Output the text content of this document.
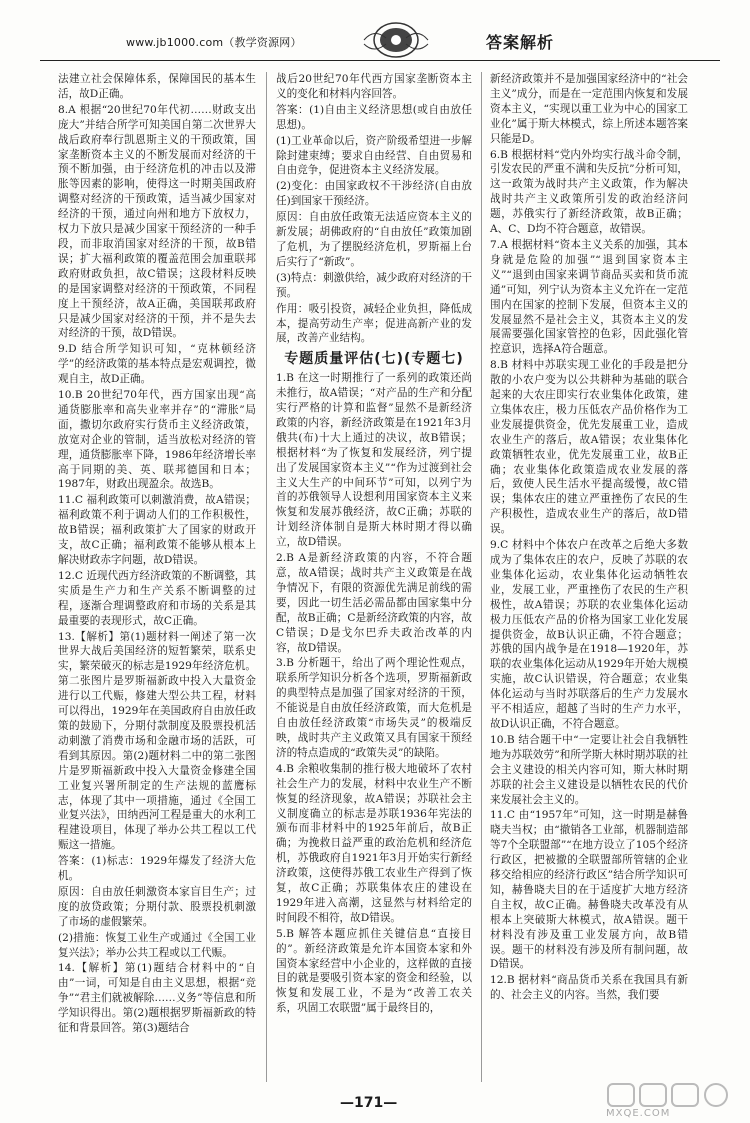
www.jb1000.com（教学资源网）	答案解析

法建立社会保障体系，保障国民的基本生活，故D正确。

8.A 根据“20世纪70年代初……财政支出庞大”并结合所学可知美国自第二次世界大战后政府奉行凯恩斯主义的干预政策，国家垄断资本主义的不断发展而对经济的干预不断加强，由于经济危机的冲击以及滞胀等因素的影响，使得这一时期美国政府调整对经济的干预政策，适当减少国家对经济的干预，通过向州和地方下放权力，权力下放只是减少国家干预经济的一种手段，而非取消国家对经济的干预，故B错误；扩大福利政策的覆盖范围会加重联邦政府财政负担，故C错误；这段材料反映的是国家调整对经济的干预政策，不同程度上干预经济，故A正确，美国联邦政府只是减少国家对经济的干预，并不是失去对经济的干预，故D错误。

9.D 结合所学知识可知，“克林顿经济学”的经济政策的基本特点是宏观调控，微观自主，故D正确。

10.B 20世纪70年代，西方国家出现“高通货膨胀率和高失业率并存”的“滞胀”局面，撒切尔政府实行货币主义经济政策，放宽对企业的管制，适当放松对经济的管理，通货膨胀率下降，1986年经济增长率高于同期的美、英、联邦德国和日本；1987年，财政出现盈余。故选B。

11.C 福利政策可以刺激消费，故A错误；福利政策不利于调动人们的工作积极性，故B错误；福利政策扩大了国家的财政开支，故C正确；福利政策不能够从根本上解决财政赤字问题，故D错误。

12.C 近现代西方经济政策的不断调整，其实质是生产力和生产关系不断调整的过程，逐渐合理调整政府和市场的关系是其最重要的表现形式，故C正确。

13.【解析】第(1)题材料一阐述了第一次世界大战后美国经济的短暂繁荣，联系史实，繁荣破灭的标志是1929年经济危机。第二张图片是罗斯福新政中投入大量资金进行以工代赈，修建大型公共工程，材料可以得出，1929年在美国政府自由放任政策的鼓励下，分期付款制度及股票投机活动刺激了消费市场和金融市场的活跃，可看到其原因。第(2)题材料二中的第二张图片是罗斯福新政中投入大量资金修建全国工业复兴署所制定的生产法规的蓝鹰标志，体现了其中一项措施，通过《全国工业复兴法》，田纳西河工程是重大的水利工程建设项目，体现了举办公共工程以工代赈这一措施。

答案：(1)标志：1929年爆发了经济大危机。

原因：自由放任刺激资本家盲目生产；过度的放贷政策；分期付款、股票投机刺激了市场的虚假繁荣。

(2)措施：恢复工业生产或通过《全国工业复兴法》；举办公共工程或以工代赈。

14.【解析】第(1)题结合材料中的“自由”一词，可知是自由主义思想，根据“竞争”“君主们就被解除……义务”等信息和所学知识得出。第(2)题根据罗斯福新政的特征和背景回答。第(3)题结合

战后20世纪70年代西方国家垄断资本主义的变化和材料内容回答。

答案：(1)自由主义经济思想(或自由放任思想)。

(1)工业革命以后，资产阶级希望进一步解除封建束缚；要求自由经营、自由贸易和自由竞争，促进资本主义经济发展。

(2)变化：由国家政权不干涉经济(自由放任)到国家干预经济。

原因：自由放任政策无法适应资本主义的新发展；胡佛政府的“自由放任”政策加剧了危机，为了摆脱经济危机，罗斯福上台后实行了“新政”。

(3)特点：刺激供给，减少政府对经济的干预。

作用：吸引投资，减轻企业负担，降低成本，提高劳动生产率；促进高新产业的发展，改善产业结构。

专题质量评估(七)(专题七)

1.B 在这一时期推行了一系列的政策还尚未推行，故A错误；“对产品的生产和分配实行严格的计算和监督”显然不是新经济政策的内容，新经济政策是在1921年3月俄共(布)十大上通过的决议，故B错误；根据材料“为了恢复和发展经济，列宁提出了发展国家资本主义”“作为过渡到社会主义大生产的中间环节”可知，以列宁为首的苏俄领导人设想利用国家资本主义来恢复和发展苏俄经济，故C正确；苏联的计划经济体制自是斯大林时期才得以确立，故D错误。

2.B A是新经济政策的内容，不符合题意，故A错误；战时共产主义政策是在战争情况下，有限的资源优先满足前线的需要，因此一切生活必需品都由国家集中分配，故B正确；C是新经济政策的内容，故C错误；D是戈尔巴乔夫政治改革的内容，故D错误。

3.B 分析题干，给出了两个理论性观点，联系所学知识分析各个选项，罗斯福新政的典型特点是加强了国家对经济的干预，不能说是自由放任经济政策，而大危机是自由放任经济政策“市场失灵”的极端反映，战时共产主义政策又具有国家干预经济的特点造成的“政策失灵”的缺陷。

4.B 余粮收集制的推行极大地破坏了农村社会生产力的发展，材料中农业生产不断恢复的经济现象，故A错误；苏联社会主义制度确立的标志是苏联1936年宪法的颁布而非材料中的1925年前后，故B正确；为挽救日益严重的政治危机和经济危机，苏俄政府自1921年3月开始实行新经济政策，这使得苏俄工农业生产得到了恢复，故C正确；苏联集体农庄的建设在1929年进入高潮，这显然与材料给定的时间段不相符，故D错误。

5.B 解答本题应抓住关键信息“直接目的”。新经济政策是允许本国资本家和外国资本家经营中小企业的，这样做的直接目的就是要吸引资本家的资金和经验，以恢复和发展工业，不是为“改善工农关系，巩固工农联盟”属于最终目的，

新经济政策并不是加强国家经济中的“社会主义”成分，而是在一定范围内恢复和发展资本主义，“实现以重工业为中心的国家工业化”属于斯大林模式，综上所述本题答案只能是D。

6.B 根据材料“党内外均实行战斗命令制，引发农民的严重不满和失反抗”分析可知，这一政策为战时共产主义政策，作为解决战时共产主义政策所引发的政治经济问题，苏俄实行了新经济政策，故B正确；A、C、D均不符合题意，故错误。

7.A 根据材料“资本主义关系的加强，其本身就是危险的加强”“退到国家资本主义”“退到由国家来调节商品买卖和货币流通”可知，列宁认为资本主义允许在一定范围内在国家的控制下发展，但资本主义的发展显然不是社会主义，其资本主义的发展需要强化国家管控的色彩，因此强化管控意识，选择A符合题意。

8.B 材料中苏联实现工业化的手段是把分散的小农户变为以公共耕种为基础的联合起来的大农庄即实行农业集体化政策，建立集体农庄，极力压低农产品价格作为工业发展提供资金，优先发展重工业，造成农业生产的落后，故A错误；农业集体化政策牺牲农业，优先发展重工业，故B正确；农业集体化政策造成农业发展的落后，致使人民生活水平提高缓慢，故C错误；集体农庄的建立严重挫伤了农民的生产积极性，造成农业生产的落后，故D错误。

9.C 材料中个体农户在改革之后绝大多数成为了集体农庄的农户，反映了苏联的农业集体化运动，农业集体化运动牺牲农业，发展工业，严重挫伤了农民的生产积极性，故A错误；苏联的农业集体化运动极力压低农产品的价格为国家工业化发展提供资金，故B认识正确，不符合题意；苏俄的国内战争是在1918—1920年，苏联的农业集体化运动从1929年开始大规模实施，故C认识错误，符合题意；农业集体化运动与当时苏联落后的生产力发展水平不相适应，超越了当时的生产力水平，故D认识正确，不符合题意。

10.B 结合题干中“一定要让社会自我牺牲地为苏联效劳”和所学斯大林时期苏联的社会主义建设的相关内容可知，斯大林时期苏联的社会主义建设是以牺牲农民的代价来发展社会主义的。

11.C 由“1957年”可知，这一时期是赫鲁晓夫当权；由“撤销各工业部，机器制造部等7个全联盟部”“在地方设立了105个经济行政区，把被撤的全联盟部所管辖的企业移交给相应的经济行政区”结合所学知识可知，赫鲁晓夫目的在于适度扩大地方经济自主权，故C正确。赫鲁晓夫改革没有从根本上突破斯大林模式，故A错误。题干材料没有涉及重工业发展方向，故B错误。题干的材料没有涉及所有制问题，故D错误。

12.B 据材料“商品货币关系在我国具有新的、社会主义的内容。当然，我们要

—171—
MXQE.COM
